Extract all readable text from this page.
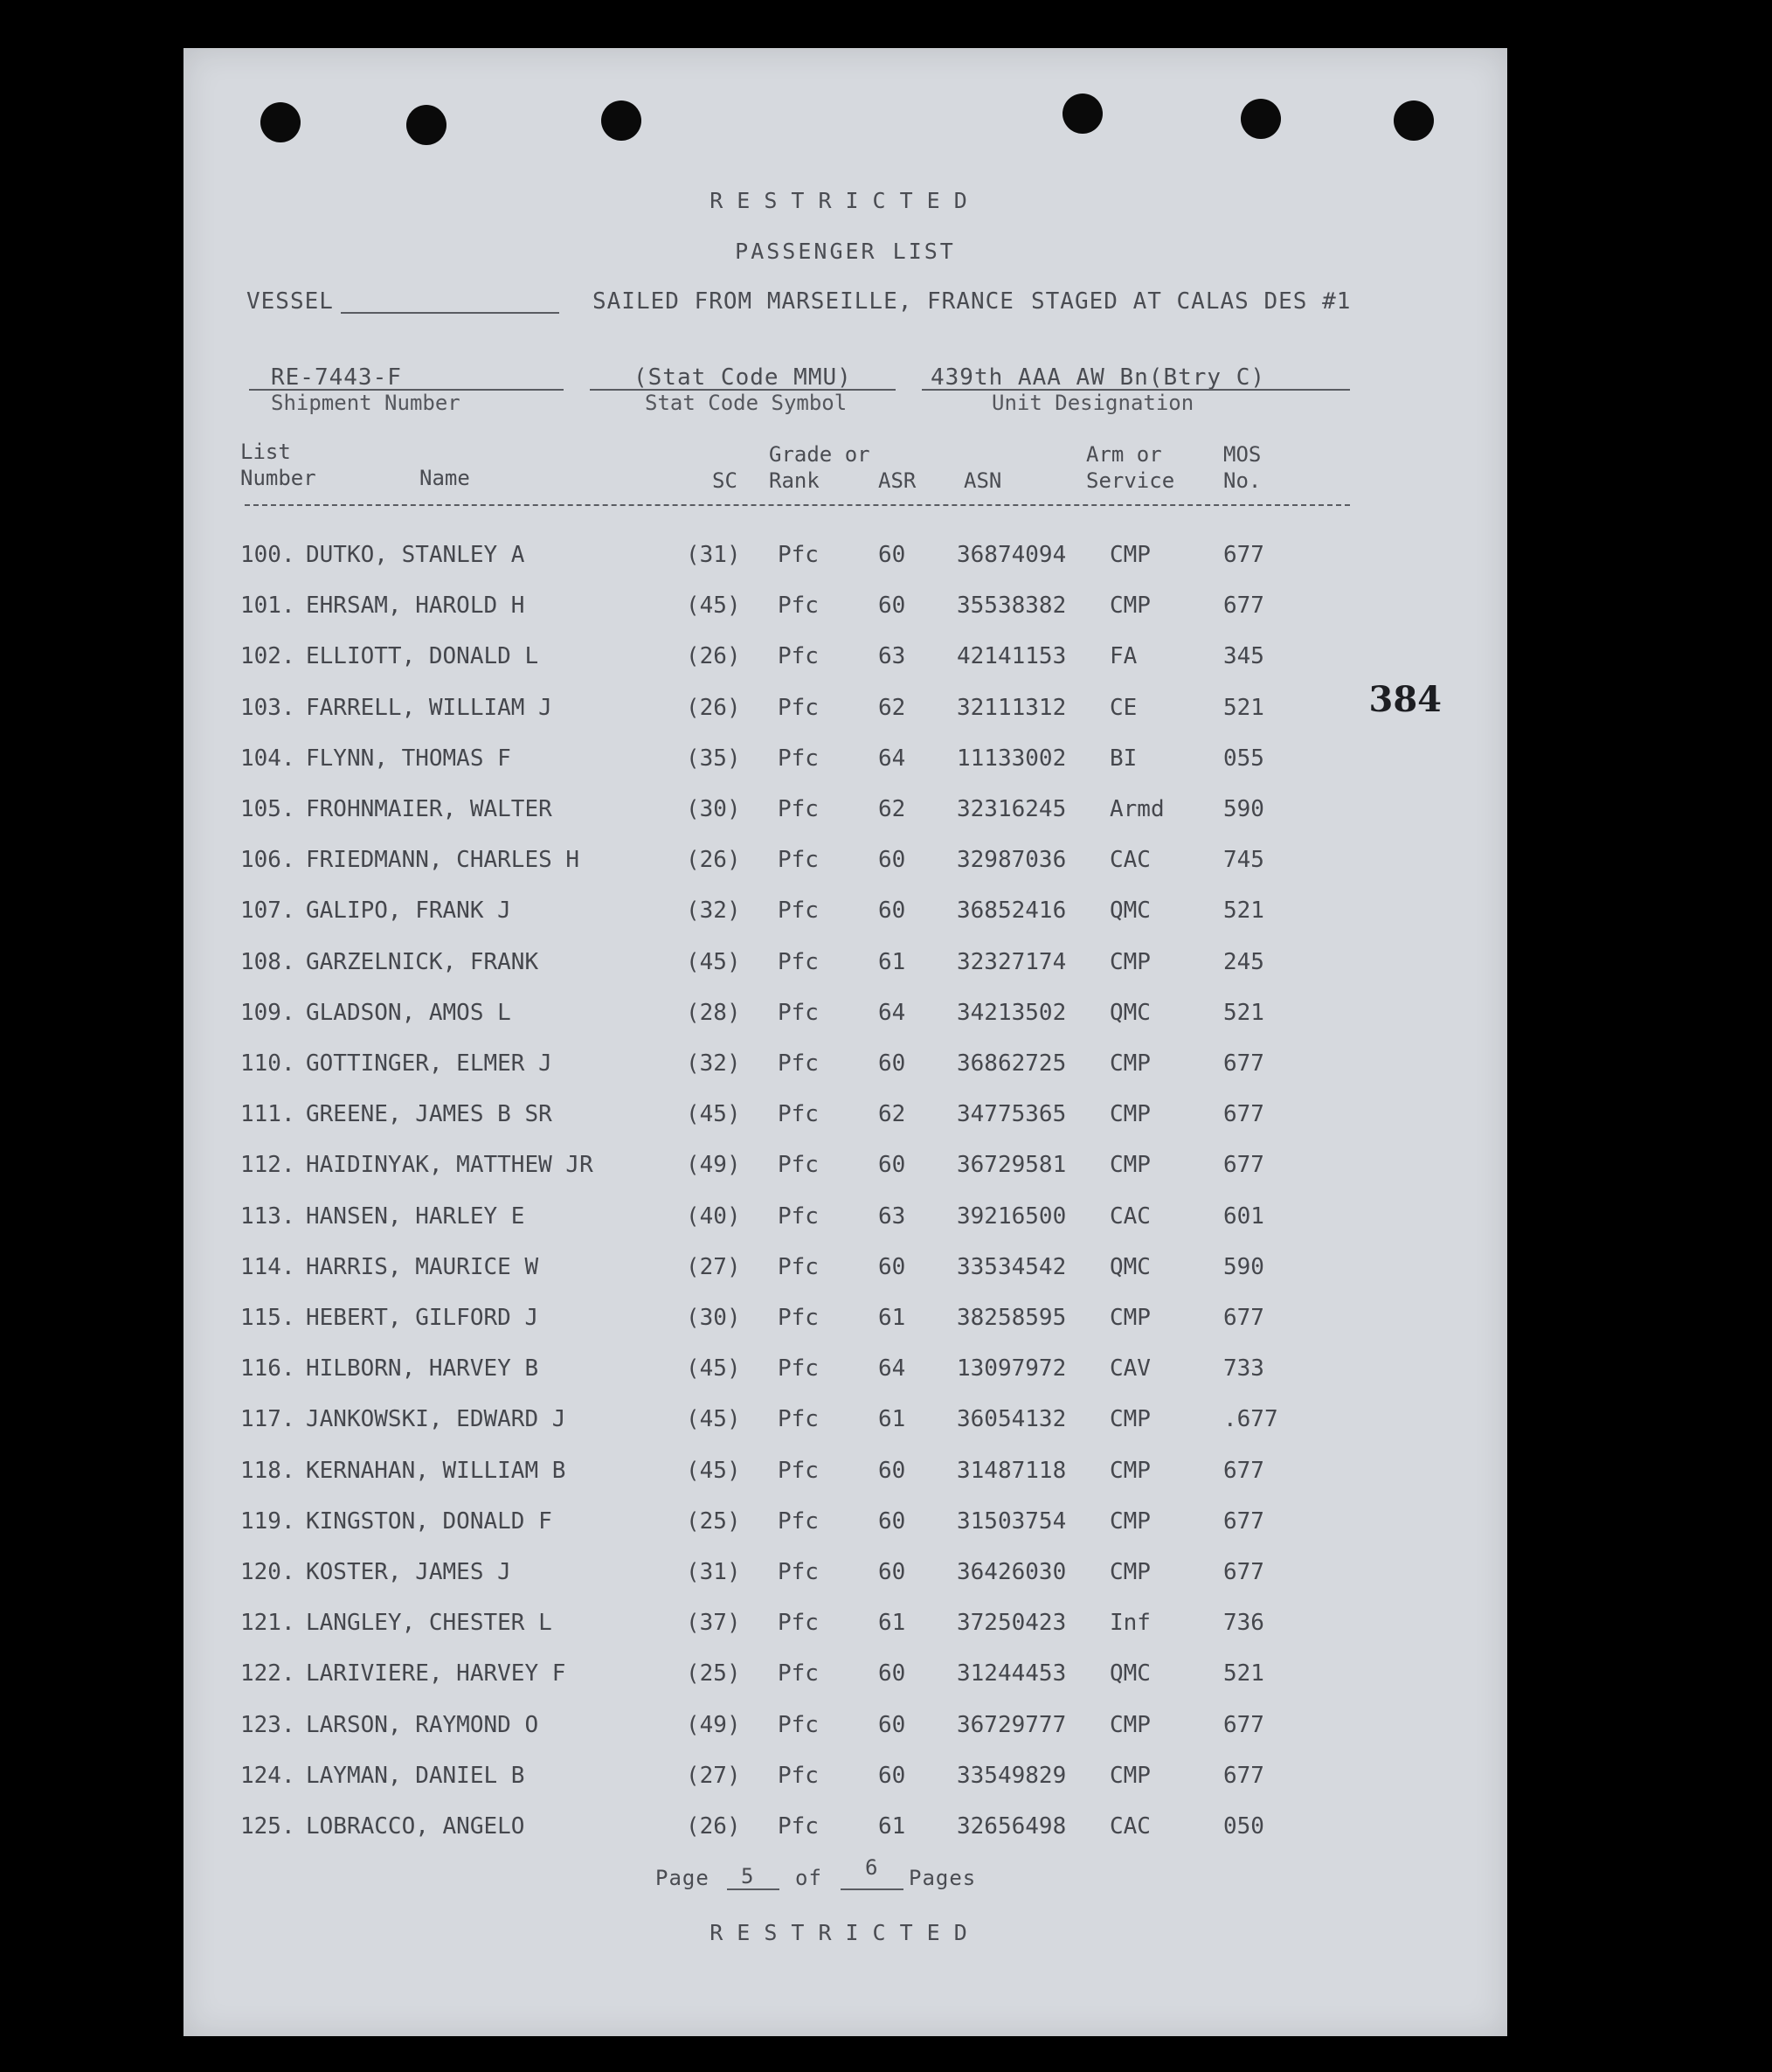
RESTRICTED
PASSENGER LIST
VESSEL	SAILED FROM MARSEILLE, FRANCE STAGED AT CALAS DES #1
RE-7443-F
Shipment Number
(Stat Code MMU)
Stat Code Symbol
439th AAA AW Bn(Btry C)
Unit Designation
List
Number	Name	SC
Grade or
Rank	ASR ASN
Arm or
Service
MOS
No.
100. DUTKO, STANLEY A	(31) Pfc	60 36874094 CMP	677
101. EHRSAM, HAROLD H	(45) Pfc	60 35538382 CMP	677
102. ELLIOTT, DONALD L	(26) Pfc	63 42141153 FA	345
103. FARRELL, WILLIAM J	(26) Pfc	62 32111312 CE	521
104. FLYNN, THOMAS F	(35) Pfc	64 11133002 BI	055
105. FROHNMAIER, WALTER	(30) Pfc	62 32316245 Armd	590
106. FRIEDMANN, CHARLES H	(26) Pfc	60 32987036 CAC	745
107. GALIPO, FRANK J	(32) Pfc	60 36852416 QMC	521
108. GARZELNICK, FRANK	(45) Pfc	61 32327174 CMP	245
109. GLADSON, AMOS L	(28) Pfc	64 34213502 QMC	521
110. GOTTINGER, ELMER J	(32) Pfc	60 36862725 CMP	677
111. GREENE, JAMES B SR	(45) Pfc	62 34775365 CMP	677
112. HAIDINYAK, MATTHEW JR	(49) Pfc	60 36729581 CMP	677
113. HANSEN, HARLEY E	(40) Pfc	63 39216500 CAC	601
114. HARRIS, MAURICE W	(27) Pfc	60 33534542 QMC	590
115. HEBERT, GILFORD J	(30) Pfc	61 38258595 CMP	677
116. HILBORN, HARVEY B	(45) Pfc	64 13097972 CAV	733
117. JANKOWSKI, EDWARD J	(45) Pfc	61 36054132 CMP	.677
118. KERNAHAN, WILLIAM B	(45) Pfc	60 31487118 CMP	677
119. KINGSTON, DONALD F	(25) Pfc	60 31503754 CMP	677
120. KOSTER, JAMES J	(31) Pfc	60 36426030 CMP	677
121. LANGLEY, CHESTER L	(37) Pfc	61 37250423 Inf	736
122. LARIVIERE, HARVEY F	(25) Pfc	60 31244453 QMC	521
123. LARSON, RAYMOND O	(49) Pfc	60 36729777 CMP	677
124. LAYMAN, DANIEL B	(27) Pfc	60 33549829 CMP	677
125. LOBRACCO, ANGELO	(26) Pfc	61 32656498 CAC	050
384
Page 5 of 6 Pages
RESTRICTED
